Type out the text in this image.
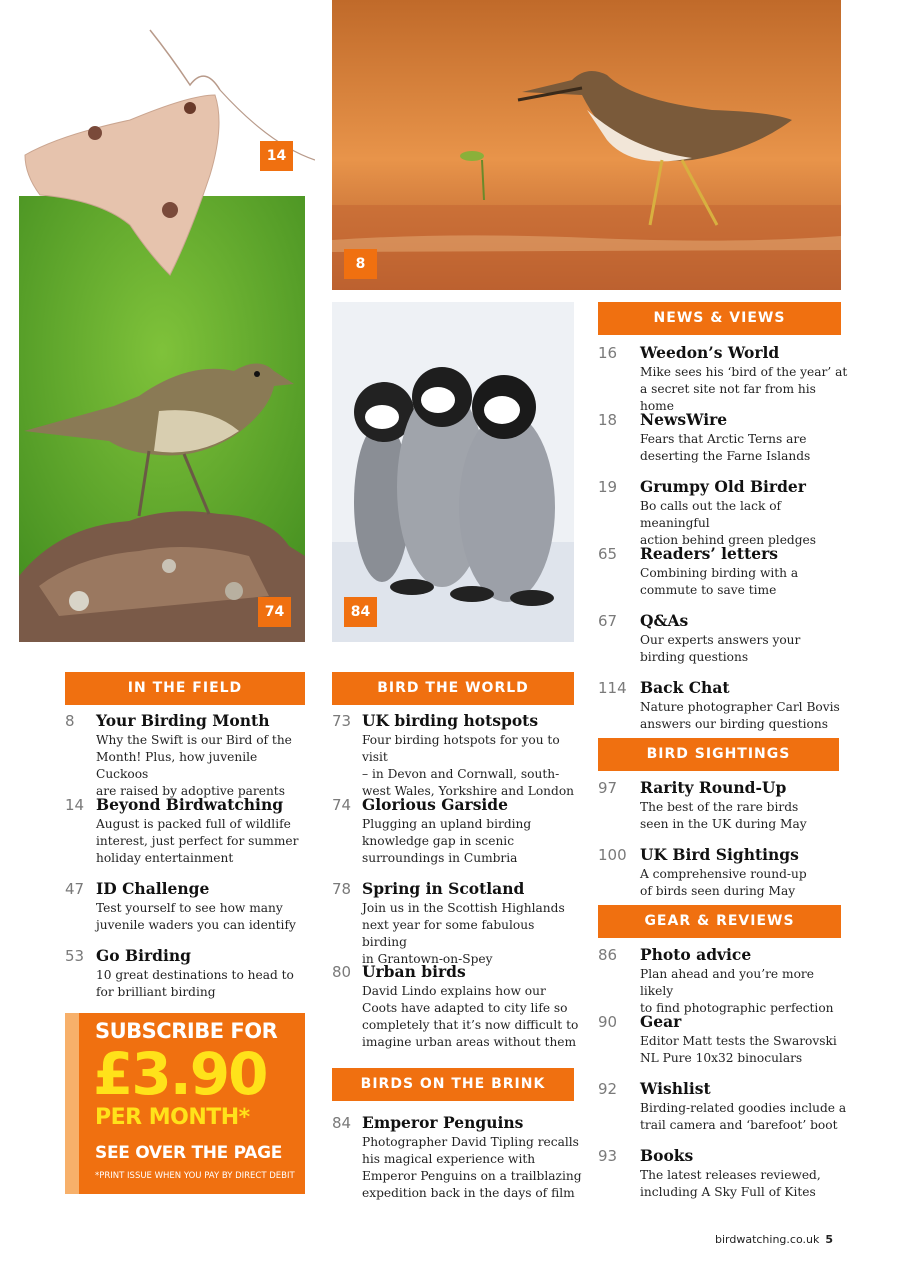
14
8
74	84
IN THE FIELD	BIRD THE WORLD
BIRDS ON THE BRINK
NEWS & VIEWS
BIRD SIGHTINGS
GEAR & REVIEWS
8 Your Birding Month
Why the Swift is our Bird of the
Month! Plus, how juvenile Cuckoos
are raised by adoptive parents
14 Beyond Birdwatching
August is packed full of wildlife
interest, just perfect for summer
holiday entertainment
47 ID Challenge
Test yourself to see how many
juvenile waders you can identify
53 Go Birding
10 great destinations to head to
for brilliant birding
SUBSCRIBE FOR
£3.90
PER MONTH*
SEE OVER THE PAGE
*PRINT ISSUE WHEN YOU PAY BY DIRECT DEBIT
73 UK birding hotspots
Four birding hotspots for you to visit
– in Devon and Cornwall, south-
west Wales, Yorkshire and London
74 Glorious Garside
Plugging an upland birding
knowledge gap in scenic
surroundings in Cumbria
78 Spring in Scotland
Join us in the Scottish Highlands
next year for some fabulous birding
in Grantown-on-Spey
80 Urban birds
David Lindo explains how our
Coots have adapted to city life so
completely that it’s now difficult to
imagine urban areas without them
84 Emperor Penguins
Photographer David Tipling recalls
his magical experience with
Emperor Penguins on a trailblazing
expedition back in the days of film
16 Weedon’s World
Mike sees his ‘bird of the year’ at
a secret site not far from his home
18 NewsWire
Fears that Arctic Terns are
deserting the Farne Islands
19 Grumpy Old Birder
Bo calls out the lack of meaningful
action behind green pledges
65 Readers’ letters
Combining birding with a
commute to save time
67 Q&As
Our experts answers your
birding questions
114 Back Chat
Nature photographer Carl Bovis
answers our birding questions
97 Rarity Round-Up
The best of the rare birds
seen in the UK during May
100 UK Bird Sightings
A comprehensive round-up
of birds seen during May
86 Photo advice
Plan ahead and you’re more likely
to find photographic perfection
90 Gear
Editor Matt tests the Swarovski
NL Pure 10x32 binoculars
92 Wishlist
Birding-related goodies include a
trail camera and ‘barefoot’ boot
93 Books
The latest releases reviewed,
including A Sky Full of Kites
birdwatching.co.uk 5
